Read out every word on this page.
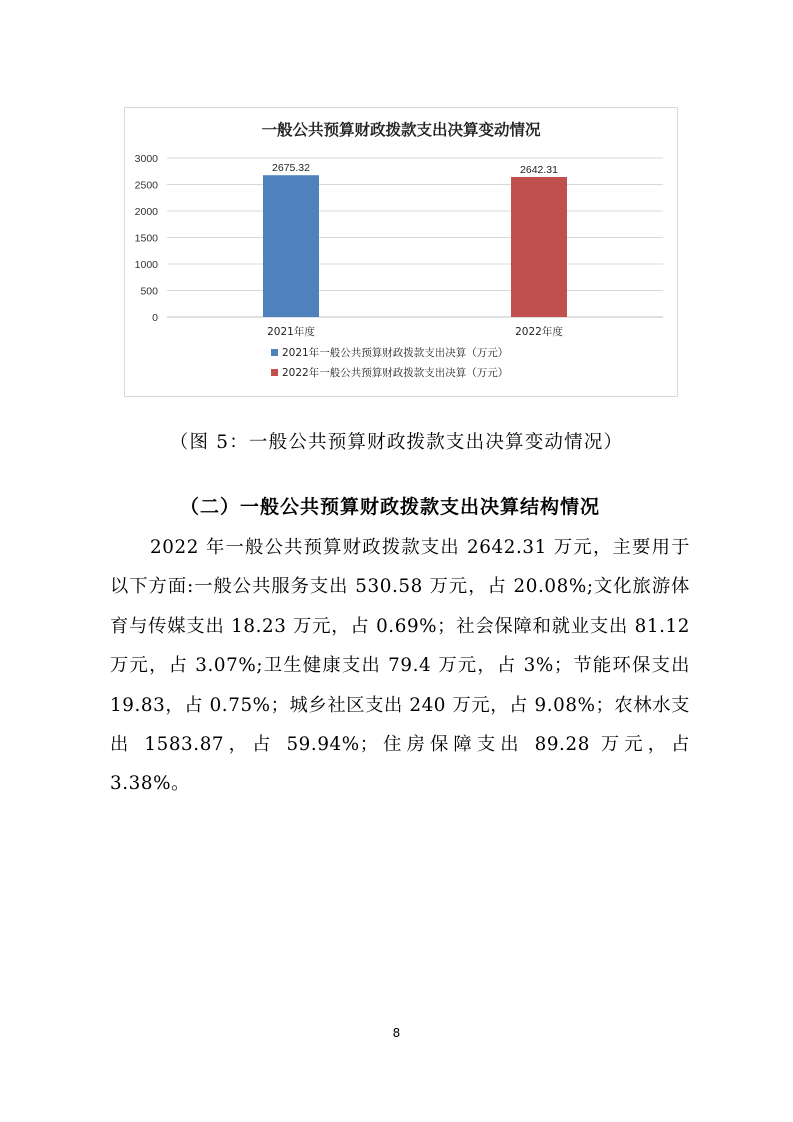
一般公共预算财政拨款支出决算变动情况
0
500
1000
1500
2000
2500
3000
2675.32
2021年度
2642.31
2022年度
2021年一般公共预算财政拨款支出决算（万元）
2022年一般公共预算财政拨款支出决算（万元）
（图 5：一般公共预算财政拨款支出决算变动情况）
（二）一般公共预算财政拨款支出决算结构情况

2022 年一般公共预算财政拨款支出 2642.31 万元，主要用于以下方面:一般公共服务支出 530.58 万元，占 20.08%;文化旅游体育与传媒支出 18.23 万元，占 0.69%；社会保障和就业支出 81.12 万元，占 3.07%;卫生健康支出 79.4 万元，占 3%；节能环保支出 19.83，占 0.75%；城乡社区支出 240 万元，占 9.08%；农林水支出 1583.87，占 59.94%；住房保障支出 89.28 万元，占 3.38%。

8
